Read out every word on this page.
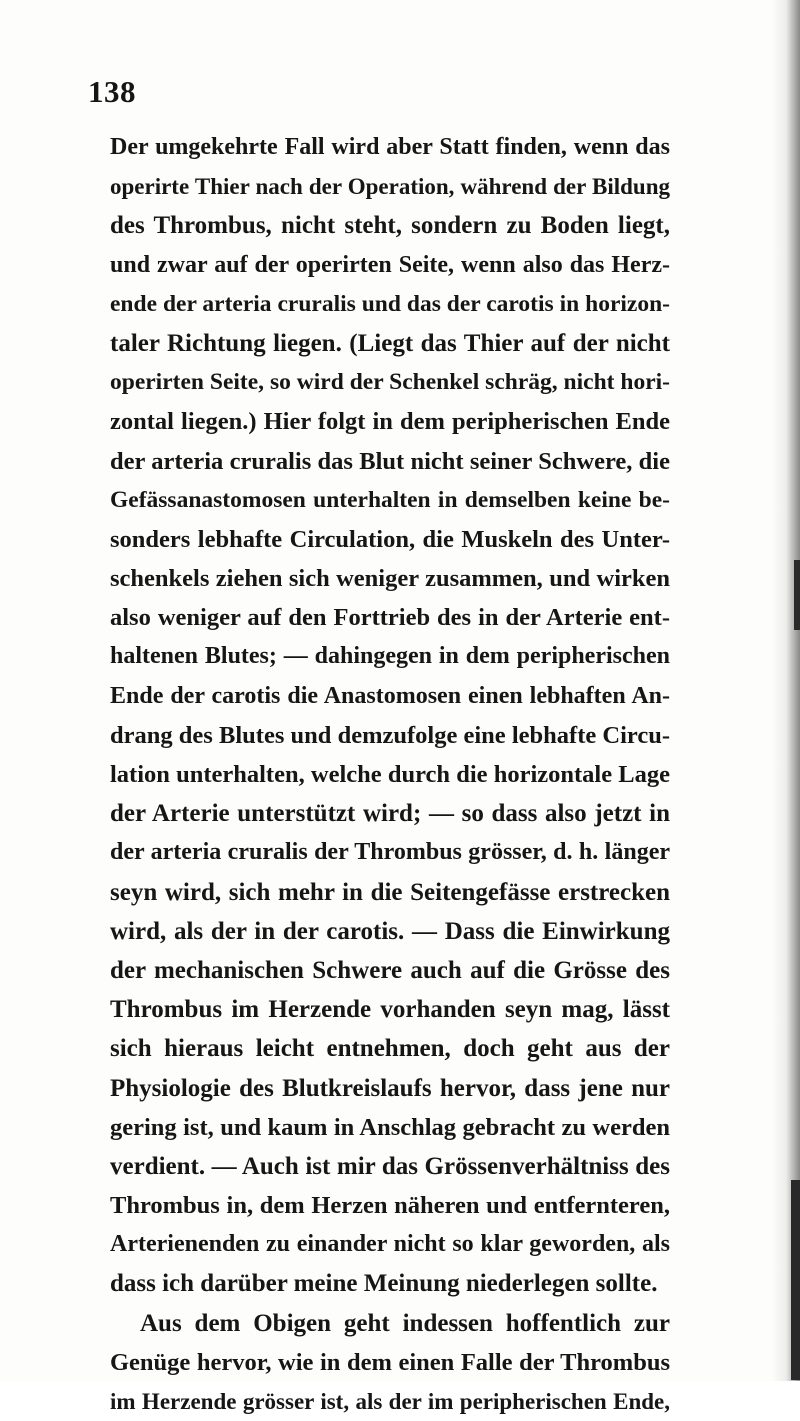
138
Der umgekehrte Fall wird aber Statt finden, wenn das
operirte Thier nach der Operation, während der Bildung
des Thrombus, nicht steht, sondern zu Boden liegt,
und zwar auf der operirten Seite, wenn also das Herz-
ende der arteria cruralis und das der carotis in horizon-
taler Richtung liegen. (Liegt das Thier auf der nicht
operirten Seite, so wird der Schenkel schräg, nicht hori-
zontal liegen.) Hier folgt in dem peripherischen Ende
der arteria cruralis das Blut nicht seiner Schwere, die
Gefässanastomosen unterhalten in demselben keine be-
sonders lebhafte Circulation, die Muskeln des Unter-
schenkels ziehen sich weniger zusammen, und wirken
also weniger auf den Forttrieb des in der Arterie ent-
haltenen Blutes; — dahingegen in dem peripherischen
Ende der carotis die Anastomosen einen lebhaften An-
drang des Blutes und demzufolge eine lebhafte Circu-
lation unterhalten, welche durch die horizontale Lage
der Arterie unterstützt wird; — so dass also jetzt in
der arteria cruralis der Thrombus grösser, d. h. länger
seyn wird, sich mehr in die Seitengefässe erstrecken
wird, als der in der carotis. — Dass die Einwirkung
der mechanischen Schwere auch auf die Grösse des
Thrombus im Herzende vorhanden seyn mag, lässt
sich hieraus leicht entnehmen, doch geht aus der
Physiologie des Blutkreislaufs hervor, dass jene nur
gering ist, und kaum in Anschlag gebracht zu werden
verdient. — Auch ist mir das Grössenverhältniss des
Thrombus in, dem Herzen näheren und entfernteren,
Arterienenden zu einander nicht so klar geworden, als
dass ich darüber meine Meinung niederlegen sollte.
Aus dem Obigen geht indessen hoffentlich zur
Genüge hervor, wie in dem einen Falle der Thrombus
im Herzende grösser ist, als der im peripherischen Ende,
